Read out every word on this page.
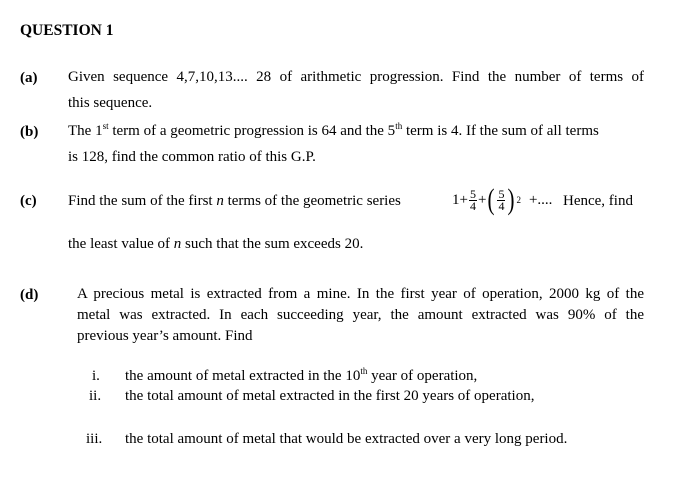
QUESTION 1
(a) Given sequence 4,7,10,13.... 28 of arithmetic progression. Find the number of terms of
this sequence.
(b) The 1st term of a geometric progression is 64 and the 5th term is 4. If the sum of all terms
is 128, find the common ratio of this G.P.
(c) Find the sum of the first n terms of the geometric series	$1+ \frac{5}{4}$ + ( $\frac{5}{4}$ ) 2 +.... Hence, find
the least value of n such that the sum exceeds 20.
(d)	A precious metal is extracted from a mine. In the first year of operation, 2000 kg of the
metal was extracted. In each succeeding year, the amount extracted was 90% of the
previous year’s amount. Find
i. the amount of metal extracted in the 10th year of operation,
ii. the total amount of metal extracted in the first 20 years of operation,
iii. the total amount of metal that would be extracted over a very long period.
